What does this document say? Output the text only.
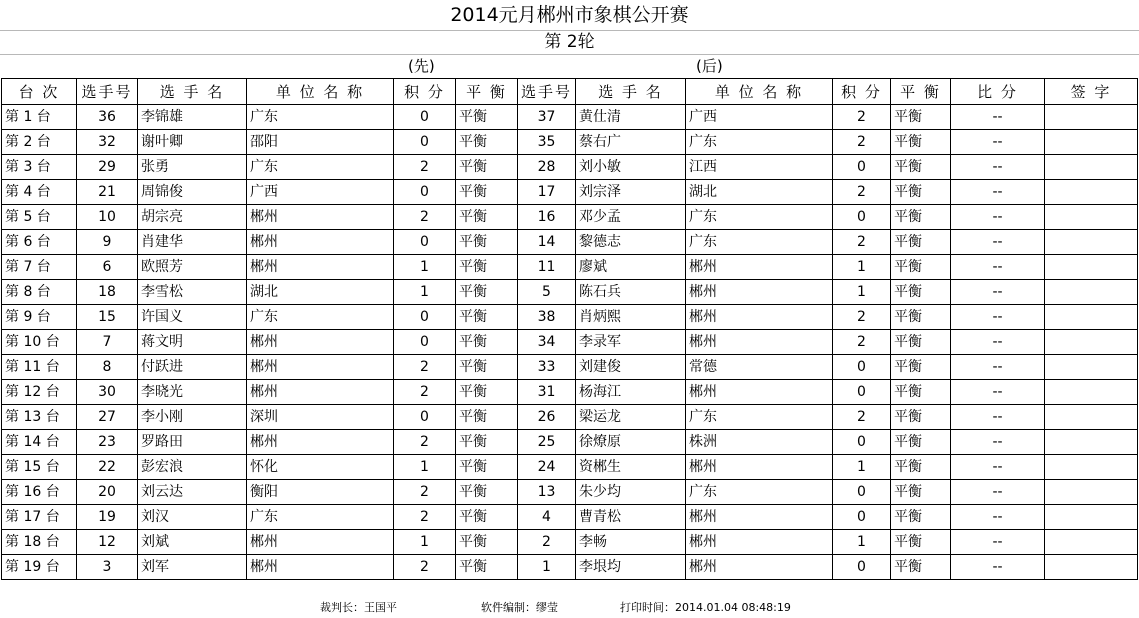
2014元月郴州市象棋公开赛
第 2轮
(先)	(后)
台 次	选手号	选 手 名	单 位 名 称	积 分	平 衡	选手号	选 手 名	单 位 名 称	积 分	平 衡	比 分	签 字
第 1 台	36	李锦雄	广东	0	平衡	37	黄仕清	广西	2	平衡	--	
第 2 台	32	谢叶卿	邵阳	0	平衡	35	蔡右广	广东	2	平衡	--	
第 3 台	29	张勇	广东	2	平衡	28	刘小敏	江西	0	平衡	--	
第 4 台	21	周锦俊	广西	0	平衡	17	刘宗泽	湖北	2	平衡	--	
第 5 台	10	胡宗亮	郴州	2	平衡	16	邓少孟	广东	0	平衡	--	
第 6 台	9	肖建华	郴州	0	平衡	14	黎德志	广东	2	平衡	--	
第 7 台	6	欧照芳	郴州	1	平衡	11	廖斌	郴州	1	平衡	--	
第 8 台	18	李雪松	湖北	1	平衡	5	陈石兵	郴州	1	平衡	--	
第 9 台	15	许国义	广东	0	平衡	38	肖炳熙	郴州	2	平衡	--	
第 10 台	7	蒋文明	郴州	0	平衡	34	李录军	郴州	2	平衡	--	
第 11 台	8	付跃进	郴州	2	平衡	33	刘建俊	常德	0	平衡	--	
第 12 台	30	李晓光	郴州	2	平衡	31	杨海江	郴州	0	平衡	--	
第 13 台	27	李小刚	深圳	0	平衡	26	梁运龙	广东	2	平衡	--	
第 14 台	23	罗路田	郴州	2	平衡	25	徐燎原	株洲	0	平衡	--	
第 15 台	22	彭宏浪	怀化	1	平衡	24	资郴生	郴州	1	平衡	--	
第 16 台	20	刘云达	衡阳	2	平衡	13	朱少均	广东	0	平衡	--	
第 17 台	19	刘汉	广东	2	平衡	4	曹青松	郴州	0	平衡	--	
第 18 台	12	刘斌	郴州	1	平衡	2	李畅	郴州	1	平衡	--	
第 19 台	3	刘军	郴州	2	平衡	1	李垠均	郴州	0	平衡	--	
裁判长：王国平	软件编制：缪莹	打印时间：2014.01.04 08:48:19
